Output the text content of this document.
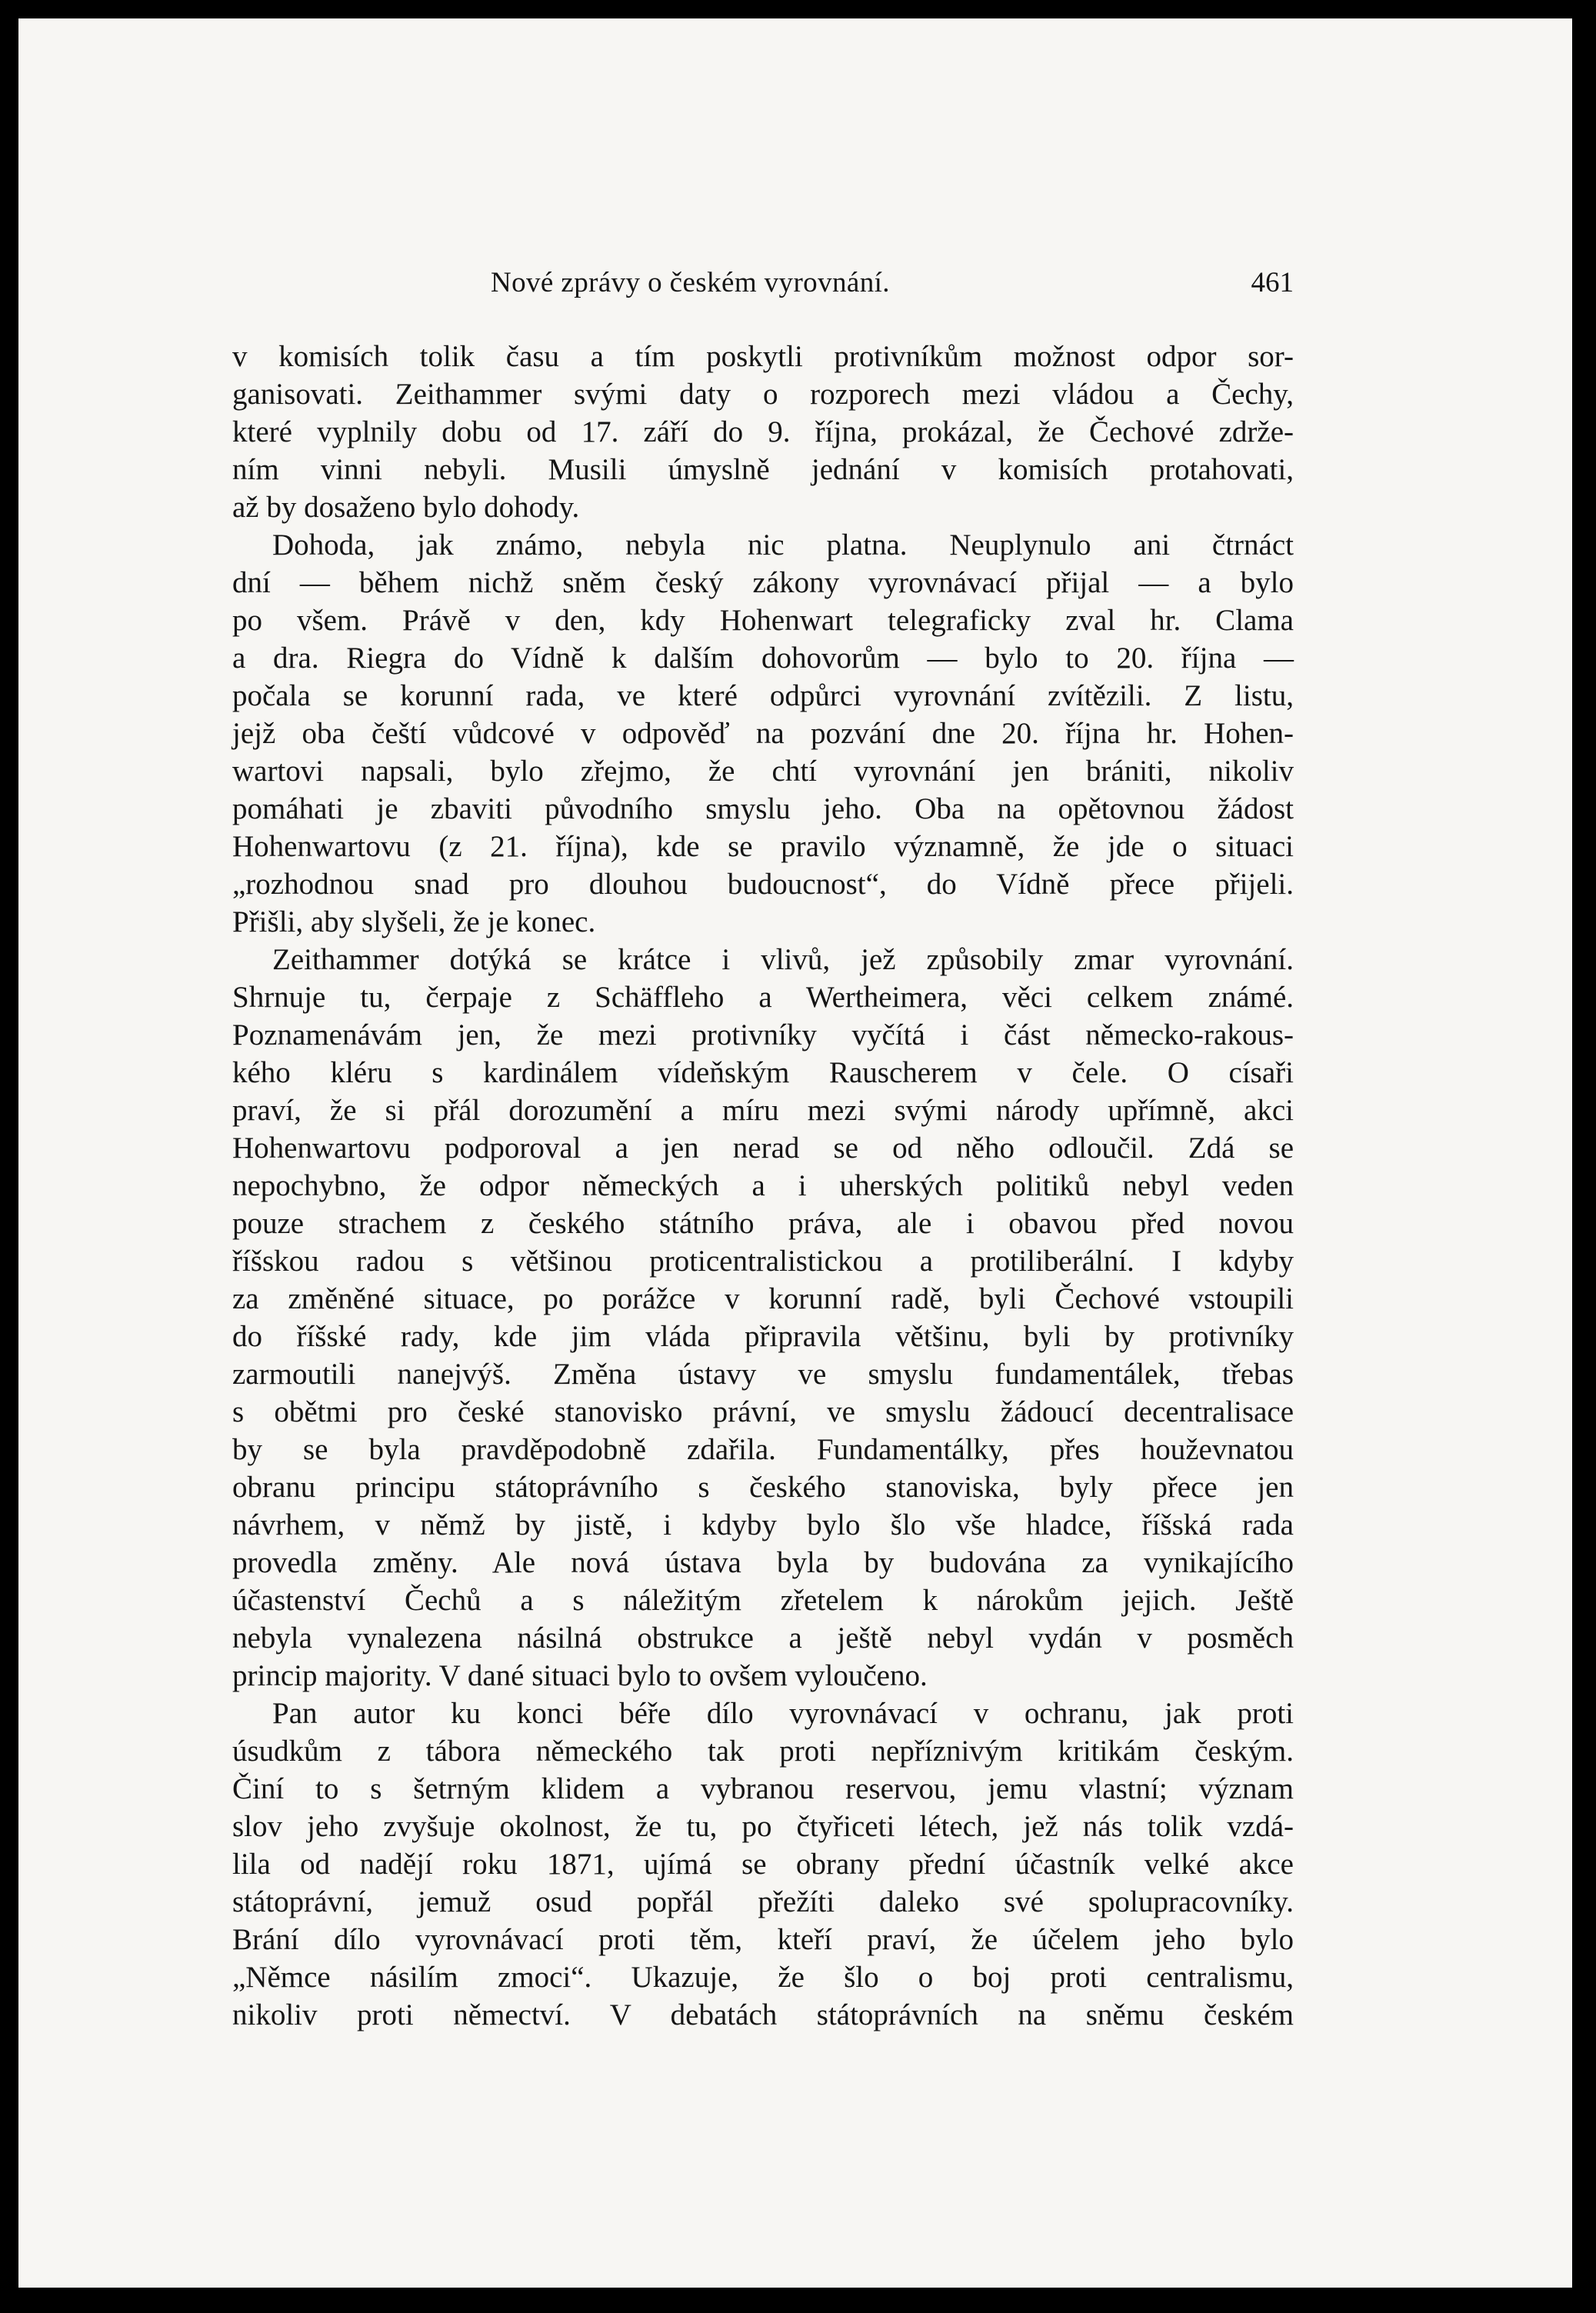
Nové zprávy o českém vyrovnání.	461
v komisích tolik času a tím poskytli protivníkům možnost odpor sor-
ganisovati. Zeithammer svými daty o rozporech mezi vládou a Čechy,
které vyplnily dobu od 17. září do 9. října, prokázal, že Čechové zdrže-
ním vinni nebyli. Musili úmyslně jednání v komisích protahovati,
až by dosaženo bylo dohody.
Dohoda, jak známo, nebyla nic platna. Neuplynulo ani čtrnáct
dní — během nichž sněm český zákony vyrovnávací přijal — a bylo
po všem. Právě v den, kdy Hohenwart telegraficky zval hr. Clama
a dra. Riegra do Vídně k dalším dohovorům — bylo to 20. října —
počala se korunní rada, ve které odpůrci vyrovnání zvítězili. Z listu,
jejž oba čeští vůdcové v odpověď na pozvání dne 20. října hr. Hohen-
wartovi napsali, bylo zřejmo, že chtí vyrovnání jen brániti, nikoliv
pomáhati je zbaviti původního smyslu jeho. Oba na opětovnou žádost
Hohenwartovu (z 21. října), kde se pravilo významně, že jde o situaci
„rozhodnou snad pro dlouhou budoucnost“, do Vídně přece přijeli.
Přišli, aby slyšeli, že je konec.
Zeithammer dotýká se krátce i vlivů, jež způsobily zmar vyrovnání.
Shrnuje tu, čerpaje z Schäffleho a Wertheimera, věci celkem známé.
Poznamenávám jen, že mezi protivníky vyčítá i část německo-rakous-
kého kléru s kardinálem vídeňským Rauscherem v čele. O císaři
praví, že si přál dorozumění a míru mezi svými národy upřímně, akci
Hohenwartovu podporoval a jen nerad se od něho odloučil. Zdá se
nepochybno, že odpor německých a i uherských politiků nebyl veden
pouze strachem z českého státního práva, ale i obavou před novou
říšskou radou s většinou proticentralistickou a protiliberální. I kdyby
za změněné situace, po porážce v korunní radě, byli Čechové vstoupili
do říšské rady, kde jim vláda připravila většinu, byli by protivníky
zarmoutili nanejvýš. Změna ústavy ve smyslu fundamentálek, třebas
s obětmi pro české stanovisko právní, ve smyslu žádoucí decentralisace
by se byla pravděpodobně zdařila. Fundamentálky, přes houževnatou
obranu principu státoprávního s českého stanoviska, byly přece jen
návrhem, v němž by jistě, i kdyby bylo šlo vše hladce, říšská rada
provedla změny. Ale nová ústava byla by budována za vynikajícího
účastenství Čechů a s náležitým zřetelem k nárokům jejich. Ještě
nebyla vynalezena násilná obstrukce a ještě nebyl vydán v posměch
princip majority. V dané situaci bylo to ovšem vyloučeno.
Pan autor ku konci béře dílo vyrovnávací v ochranu, jak proti
úsudkům z tábora německého tak proti nepříznivým kritikám českým.
Činí to s šetrným klidem a vybranou reservou, jemu vlastní; význam
slov jeho zvyšuje okolnost, že tu, po čtyřiceti létech, jež nás tolik vzdá-
lila od nadějí roku 1871, ujímá se obrany přední účastník velké akce
státoprávní, jemuž osud popřál přežíti daleko své spolupracovníky.
Brání dílo vyrovnávací proti těm, kteří praví, že účelem jeho bylo
„Němce násilím zmoci“. Ukazuje, že šlo o boj proti centralismu,
nikoliv proti němectví. V debatách státoprávních na sněmu českém
